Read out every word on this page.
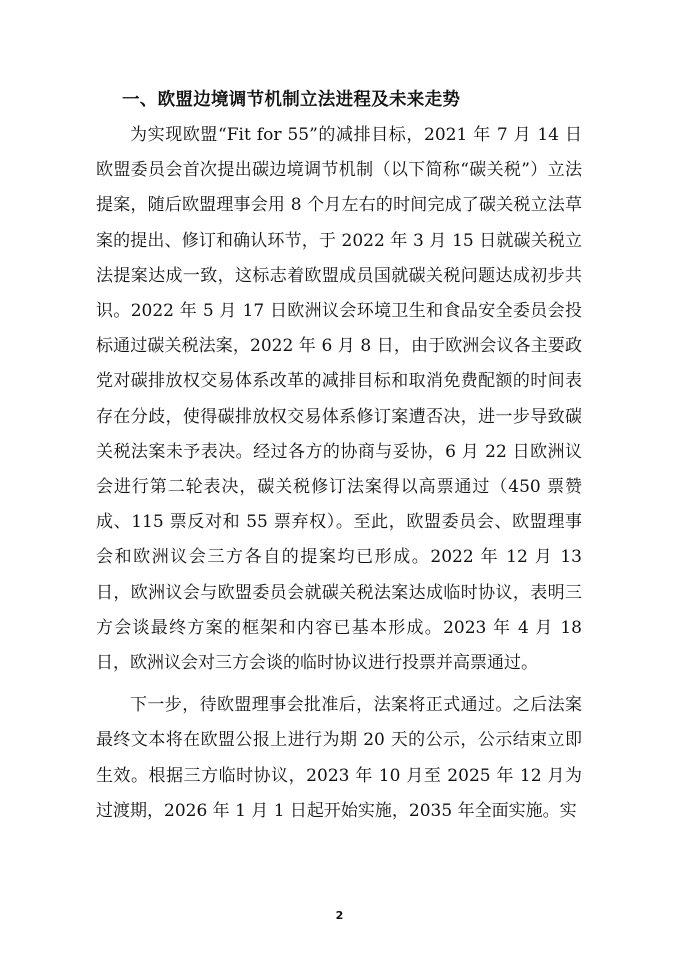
一、欧盟边境调节机制立法进程及未来走势

为实现欧盟“Fit for 55”的减排目标，2021 年 7 月 14 日欧盟委员会首次提出碳边境调节机制（以下简称“碳关税”）立法提案，随后欧盟理事会用 8 个月左右的时间完成了碳关税立法草案的提出、修订和确认环节，于 2022 年 3 月 15 日就碳关税立法提案达成一致，这标志着欧盟成员国就碳关税问题达成初步共识。2022 年 5 月 17 日欧洲议会环境卫生和食品安全委员会投标通过碳关税法案，2022 年 6 月 8 日，由于欧洲会议各主要政党对碳排放权交易体系改革的减排目标和取消免费配额的时间表存在分歧，使得碳排放权交易体系修订案遭否决，进一步导致碳关税法案未予表决。经过各方的协商与妥协，6 月 22 日欧洲议会进行第二轮表决，碳关税修订法案得以高票通过（450 票赞成、115 票反对和 55 票弃权）。至此，欧盟委员会、欧盟理事会和欧洲议会三方各自的提案均已形成。2022 年 12 月 13 日，欧洲议会与欧盟委员会就碳关税法案达成临时协议，表明三方会谈最终方案的框架和内容已基本形成。2023 年 4 月 18 日，欧洲议会对三方会谈的临时协议进行投票并高票通过。

下一步，待欧盟理事会批准后，法案将正式通过。之后法案最终文本将在欧盟公报上进行为期 20 天的公示，公示结束立即生效。根据三方临时协议，2023 年 10 月至 2025 年 12 月为过渡期，2026 年 1 月 1 日起开始实施，2035 年全面实施。实

2
